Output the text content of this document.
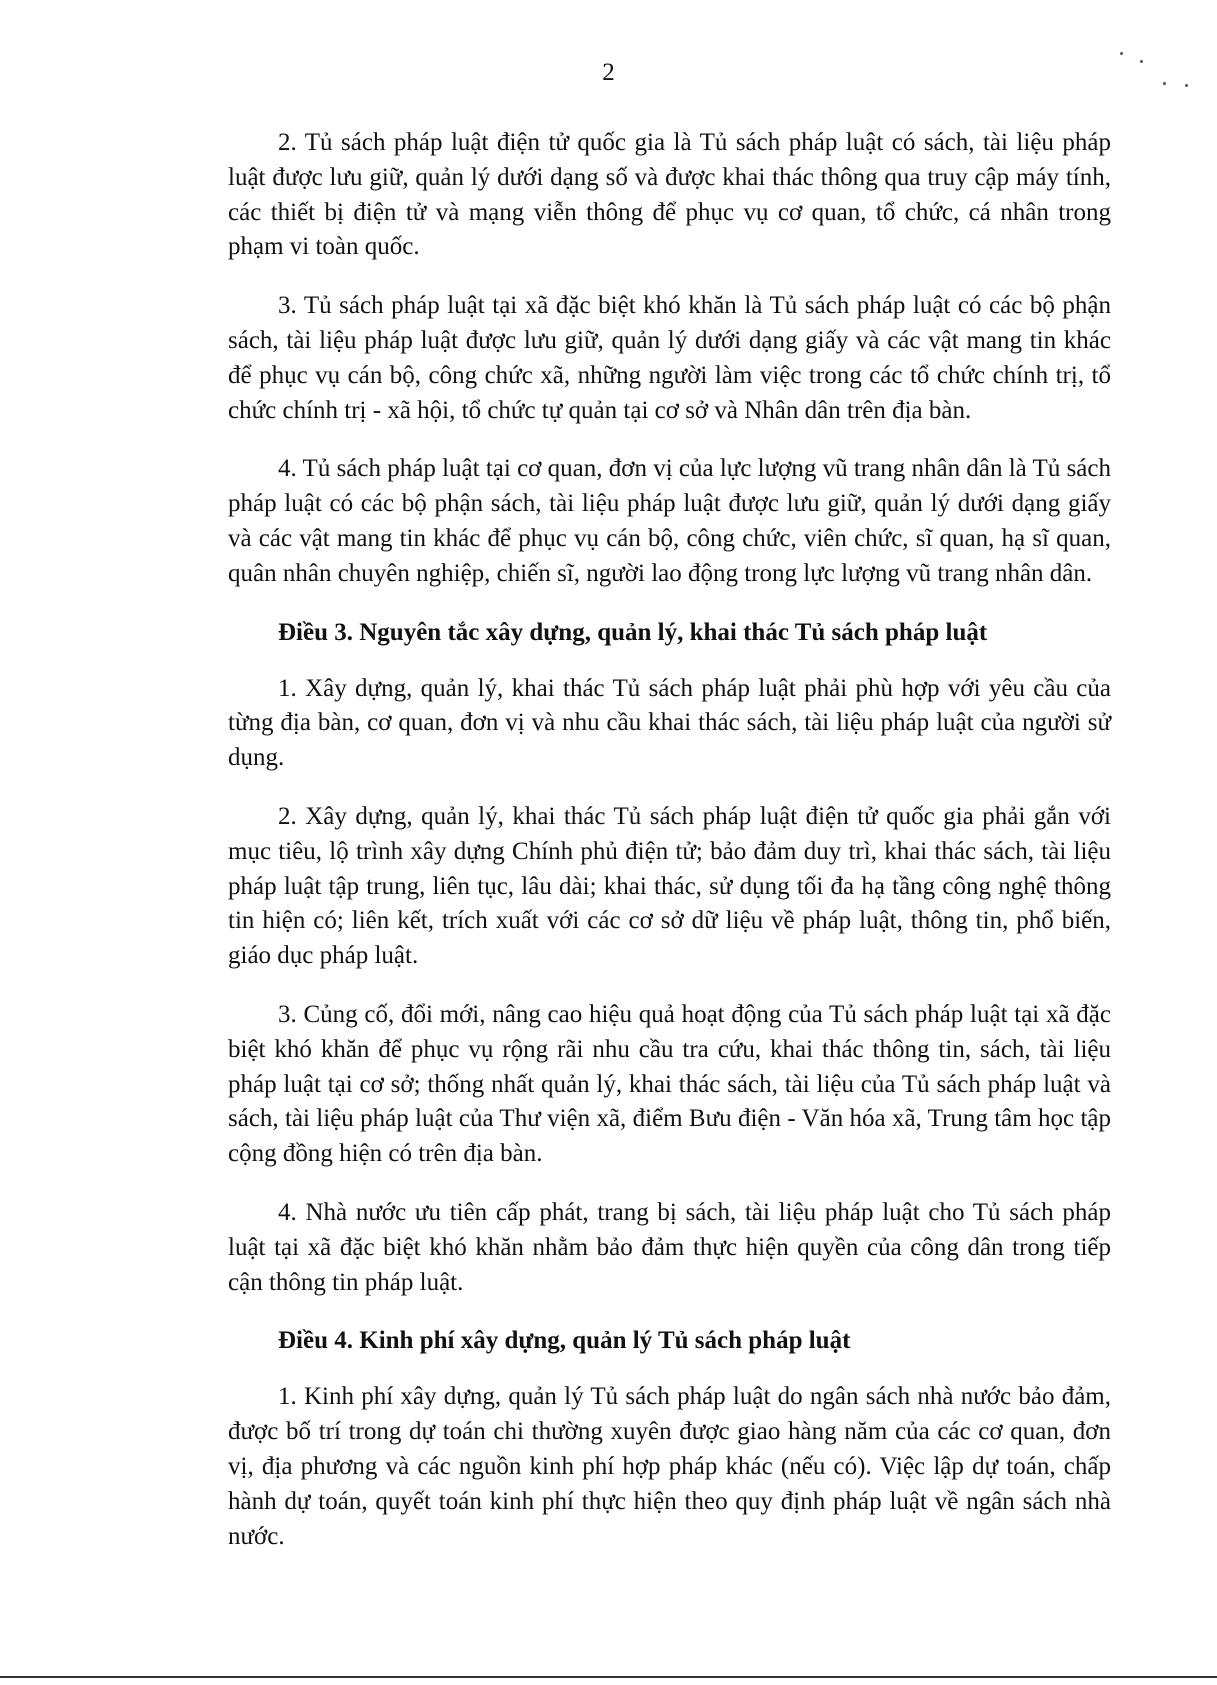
2

2. Tủ sách pháp luật điện tử quốc gia là Tủ sách pháp luật có sách, tài liệu pháp luật được lưu giữ, quản lý dưới dạng số và được khai thác thông qua truy cập máy tính, các thiết bị điện tử và mạng viễn thông để phục vụ cơ quan, tổ chức, cá nhân trong phạm vi toàn quốc.

3. Tủ sách pháp luật tại xã đặc biệt khó khăn là Tủ sách pháp luật có các bộ phận sách, tài liệu pháp luật được lưu giữ, quản lý dưới dạng giấy và các vật mang tin khác để phục vụ cán bộ, công chức xã, những người làm việc trong các tổ chức chính trị, tổ chức chính trị - xã hội, tổ chức tự quản tại cơ sở và Nhân dân trên địa bàn.

4. Tủ sách pháp luật tại cơ quan, đơn vị của lực lượng vũ trang nhân dân là Tủ sách pháp luật có các bộ phận sách, tài liệu pháp luật được lưu giữ, quản lý dưới dạng giấy và các vật mang tin khác để phục vụ cán bộ, công chức, viên chức, sĩ quan, hạ sĩ quan, quân nhân chuyên nghiệp, chiến sĩ, người lao động trong lực lượng vũ trang nhân dân.

Điều 3. Nguyên tắc xây dựng, quản lý, khai thác Tủ sách pháp luật

1. Xây dựng, quản lý, khai thác Tủ sách pháp luật phải phù hợp với yêu cầu của từng địa bàn, cơ quan, đơn vị và nhu cầu khai thác sách, tài liệu pháp luật của người sử dụng.

2. Xây dựng, quản lý, khai thác Tủ sách pháp luật điện tử quốc gia phải gắn với mục tiêu, lộ trình xây dựng Chính phủ điện tử; bảo đảm duy trì, khai thác sách, tài liệu pháp luật tập trung, liên tục, lâu dài; khai thác, sử dụng tối đa hạ tầng công nghệ thông tin hiện có; liên kết, trích xuất với các cơ sở dữ liệu về pháp luật, thông tin, phổ biến, giáo dục pháp luật.

3. Củng cố, đổi mới, nâng cao hiệu quả hoạt động của Tủ sách pháp luật tại xã đặc biệt khó khăn để phục vụ rộng rãi nhu cầu tra cứu, khai thác thông tin, sách, tài liệu pháp luật tại cơ sở; thống nhất quản lý, khai thác sách, tài liệu của Tủ sách pháp luật và sách, tài liệu pháp luật của Thư viện xã, điểm Bưu điện - Văn hóa xã, Trung tâm học tập cộng đồng hiện có trên địa bàn.

4. Nhà nước ưu tiên cấp phát, trang bị sách, tài liệu pháp luật cho Tủ sách pháp luật tại xã đặc biệt khó khăn nhằm bảo đảm thực hiện quyền của công dân trong tiếp cận thông tin pháp luật.

Điều 4. Kinh phí xây dựng, quản lý Tủ sách pháp luật

1. Kinh phí xây dựng, quản lý Tủ sách pháp luật do ngân sách nhà nước bảo đảm, được bố trí trong dự toán chi thường xuyên được giao hàng năm của các cơ quan, đơn vị, địa phương và các nguồn kinh phí hợp pháp khác (nếu có). Việc lập dự toán, chấp hành dự toán, quyết toán kinh phí thực hiện theo quy định pháp luật về ngân sách nhà nước.
